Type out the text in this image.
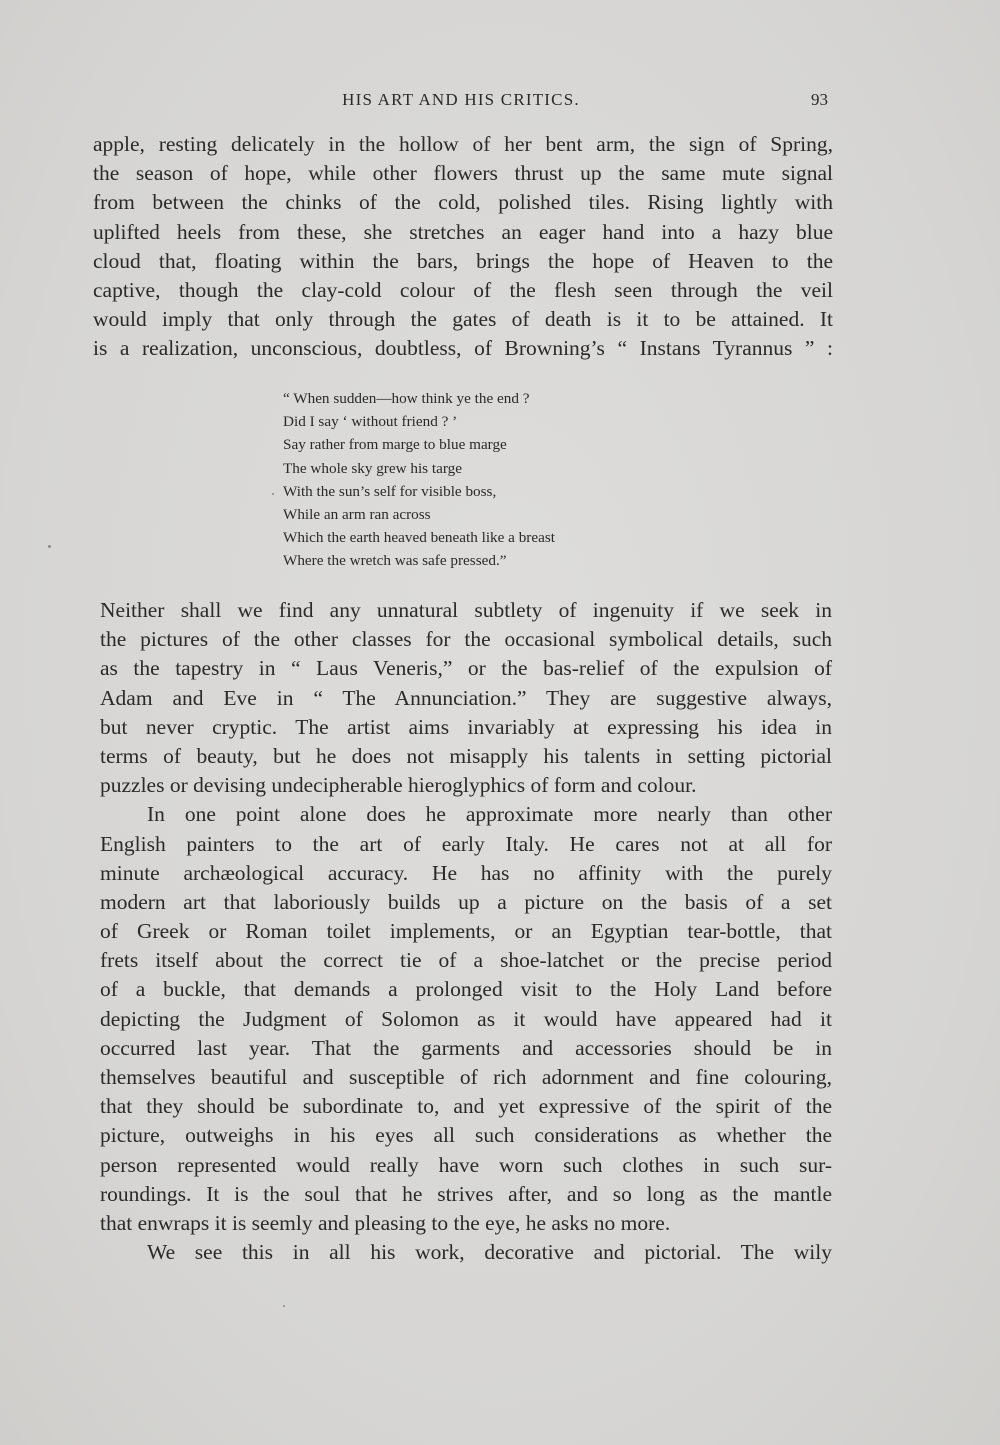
HIS ART AND HIS CRITICS.	93
apple, resting delicately in the hollow of her bent arm, the sign of Spring,
the season of hope, while other flowers thrust up the same mute signal
from between the chinks of the cold, polished tiles. Rising lightly with
uplifted heels from these, she stretches an eager hand into a hazy blue
cloud that, floating within the bars, brings the hope of Heaven to the
captive, though the clay-cold colour of the flesh seen through the veil
would imply that only through the gates of death is it to be attained. It
is a realization, unconscious, doubtless, of Browning’s “ Instans Tyrannus ” :
“ When sudden—how think ye the end ?
Did I say ‘ without friend ? ’
Say rather from marge to blue marge
The whole sky grew his targe
With the sun’s self for visible boss,
While an arm ran across
Which the earth heaved beneath like a breast
Where the wretch was safe pressed.”
Neither shall we find any unnatural subtlety of ingenuity if we seek in
the pictures of the other classes for the occasional symbolical details, such
as the tapestry in “ Laus Veneris,” or the bas-relief of the expulsion of
Adam and Eve in “ The Annunciation.” They are suggestive always,
but never cryptic. The artist aims invariably at expressing his idea in
terms of beauty, but he does not misapply his talents in setting pictorial
puzzles or devising undecipherable hieroglyphics of form and colour.
In one point alone does he approximate more nearly than other
English painters to the art of early Italy. He cares not at all for
minute archæological accuracy. He has no affinity with the purely
modern art that laboriously builds up a picture on the basis of a set
of Greek or Roman toilet implements, or an Egyptian tear-bottle, that
frets itself about the correct tie of a shoe-latchet or the precise period
of a buckle, that demands a prolonged visit to the Holy Land before
depicting the Judgment of Solomon as it would have appeared had it
occurred last year. That the garments and accessories should be in
themselves beautiful and susceptible of rich adornment and fine colouring,
that they should be subordinate to, and yet expressive of the spirit of the
picture, outweighs in his eyes all such considerations as whether the
person represented would really have worn such clothes in such sur-
roundings. It is the soul that he strives after, and so long as the mantle
that enwraps it is seemly and pleasing to the eye, he asks no more.
We see this in all his work, decorative and pictorial. The wily
